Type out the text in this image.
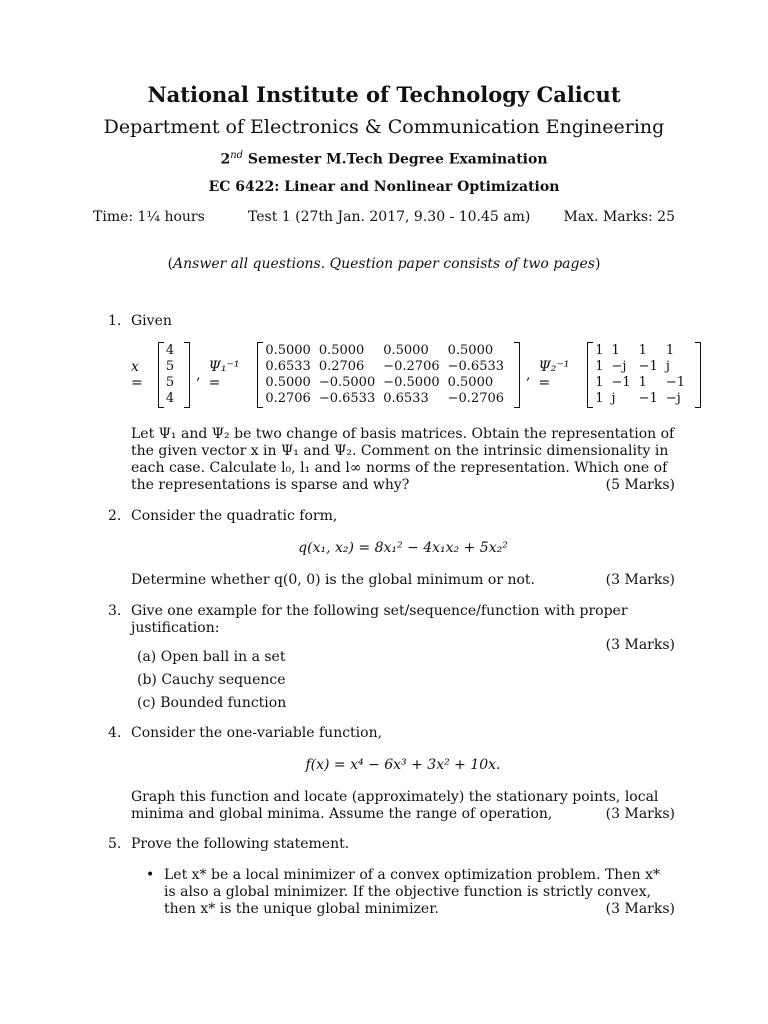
National Institute of Technology Calicut
Department of Electronics & Communication Engineering
2nd Semester M.Tech Degree Examination
EC 6422: Linear and Nonlinear Optimization
Time: 1¼ hours	Test 1 (27th Jan. 2017, 9.30 - 10.45 am) Max. Marks: 25
(Answer all questions. Question paper consists of two pages)
1. Given
x =
4
5
5
4
, Ψ₁⁻¹ =
0.5000 0.5000	0.5000	0.5000
0.6533 0.2706	−0.2706 −0.6533
0.5000 −0.5000 −0.5000 0.5000
0.2706 −0.6533 0.6533	−0.2706
, Ψ₂⁻¹ =
1 1	1	1
1 −j −1 j
1 −1 1	−1
1 j	−1 −j
Let Ψ₁ and Ψ₂ be two change of basis matrices. Obtain the representation of the given vector x in Ψ₁ and Ψ₂. Comment on the intrinsic dimensionality in each case. Calculate l₀, l₁ and l∞ norms of the representation. Which one of the representations is sparse and why?	(5 Marks)
2. Consider the quadratic form,
q(x₁, x₂) = 8x₁² − 4x₁x₂ + 5x₂²
Determine whether q(0, 0) is the global minimum or not.	(3 Marks)
3. Give one example for the following set/sequence/function with proper justification:

(3 Marks)
(a) Open ball in a set
(b) Cauchy sequence
(c) Bounded function
4. Consider the one-variable function,
f(x) = x⁴ − 6x³ + 3x² + 10x.
Graph this function and locate (approximately) the stationary points, local minima and global minima. Assume the range of operation,	(3 Marks)
5. Prove the following statement.
• Let x* be a local minimizer of a convex optimization problem. Then x* is also a global minimizer. If the objective function is strictly convex, then x* is the unique global minimizer.	(3 Marks)
